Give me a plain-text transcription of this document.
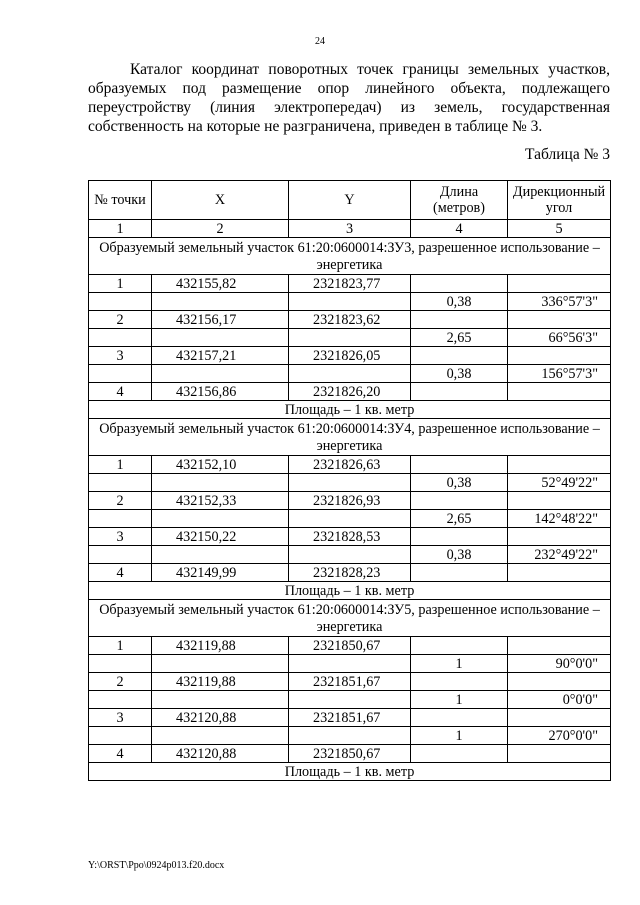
24

Каталог координат поворотных точек границы земельных участков, образуемых под размещение опор линейного объекта, подлежащего переустройству (линия электропередач) из земель, государственная собственность на которые не разграничена, приведен в таблице № 3.

Таблица № 3
№ точки	X	Y	Длина (метров)	Дирекционный угол
1	2	3	4	5
Образуемый земельный участок 61:20:0600014:ЗУ3, разрешенное использование – энергетика				
1	432155,82	2321823,77		
			0,38	336°57'3"
2	432156,17	2321823,62		
			2,65	66°56'3"
3	432157,21	2321826,05		
			0,38	156°57'3"
4	432156,86	2321826,20		
Площадь – 1 кв. метр				
Образуемый земельный участок 61:20:0600014:ЗУ4, разрешенное использование – энергетика				
1	432152,10	2321826,63		
			0,38	52°49'22"
2	432152,33	2321826,93		
			2,65	142°48'22"
3	432150,22	2321828,53		
			0,38	232°49'22"
4	432149,99	2321828,23		
Площадь – 1 кв. метр				
Образуемый земельный участок 61:20:0600014:ЗУ5, разрешенное использование – энергетика				
1	432119,88	2321850,67		
			1	90°0'0"
2	432119,88	2321851,67		
			1	0°0'0"
3	432120,88	2321851,67		
			1	270°0'0"
4	432120,88	2321850,67		
Площадь – 1 кв. метр				
Y:\ORST\Ppo\0924p013.f20.docx
